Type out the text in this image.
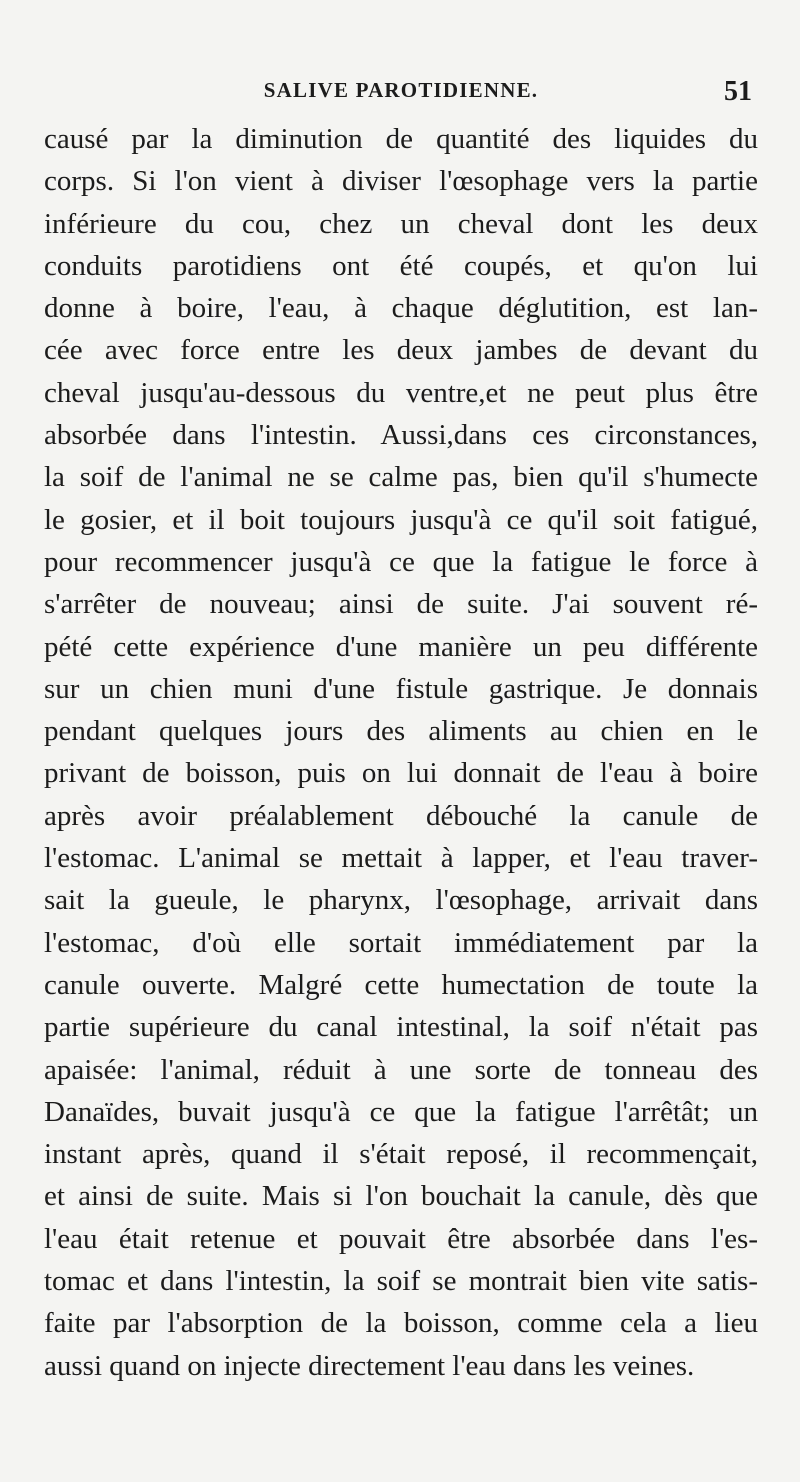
SALIVE PAROTIDIENNE.	51
causé par la diminution de quantité des liquides du
corps. Si l'on vient à diviser l'œsophage vers la partie
inférieure du cou, chez un cheval dont les deux
conduits parotidiens ont été coupés, et qu'on lui
donne à boire, l'eau, à chaque déglutition, est lan-
cée avec force entre les deux jambes de devant du
cheval jusqu'au-dessous du ventre,et ne peut plus être
absorbée dans l'intestin. Aussi,dans ces circonstances,
la soif de l'animal ne se calme pas, bien qu'il s'humecte
le gosier, et il boit toujours jusqu'à ce qu'il soit fatigué,
pour recommencer jusqu'à ce que la fatigue le force à
s'arrêter de nouveau; ainsi de suite. J'ai souvent ré-
pété cette expérience d'une manière un peu différente
sur un chien muni d'une fistule gastrique. Je donnais
pendant quelques jours des aliments au chien en le
privant de boisson, puis on lui donnait de l'eau à boire
après avoir préalablement débouché la canule de
l'estomac. L'animal se mettait à lapper, et l'eau traver-
sait la gueule, le pharynx, l'œsophage, arrivait dans
l'estomac, d'où elle sortait immédiatement par la
canule ouverte. Malgré cette humectation de toute la
partie supérieure du canal intestinal, la soif n'était pas
apaisée: l'animal, réduit à une sorte de tonneau des
Danaïdes, buvait jusqu'à ce que la fatigue l'arrêtât; un
instant après, quand il s'était reposé, il recommençait,
et ainsi de suite. Mais si l'on bouchait la canule, dès que
l'eau était retenue et pouvait être absorbée dans l'es-
tomac et dans l'intestin, la soif se montrait bien vite satis-
faite par l'absorption de la boisson, comme cela a lieu
aussi quand on injecte directement l'eau dans les veines.
